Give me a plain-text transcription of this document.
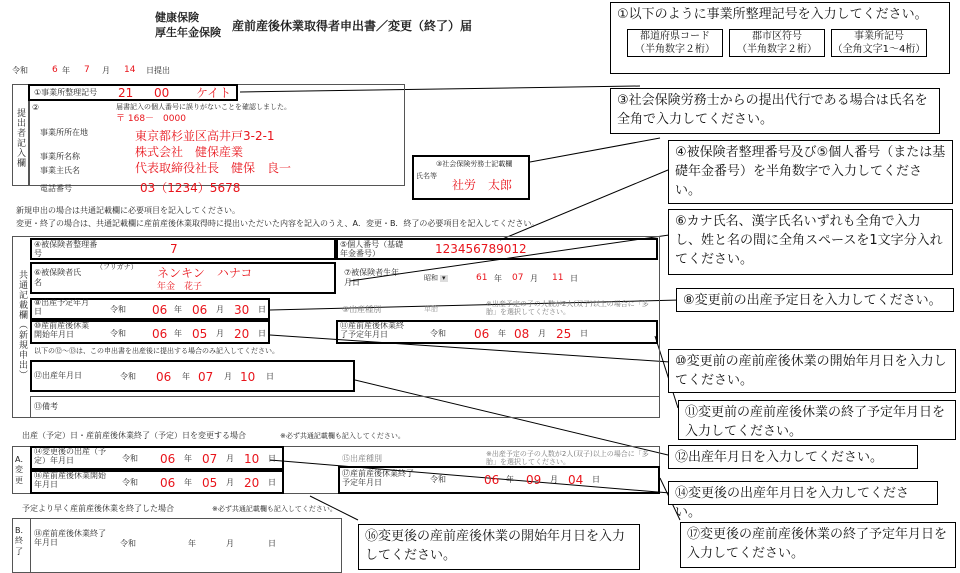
健康保険
厚生年金保険 産前産後休業取得者申出書／変更（終了）届
令和	6 年 7 月 14 日提出
提出者記入欄
①事業所整理記号 21 00 ケイト
②	届書記入の個人番号に誤りがないことを確認しました。
事業所所在地
〒 168－　0000
東京都杉並区高井戸3-2-1
事業所名称	株式会社　健保産業
事業主氏名	代表取締役社長　健保　良一
電話番号	03（1234）5678
③社会保険労務士記載欄
氏名等
社労　太郎
新規申出の場合は共通記載欄に必要項目を記入してください。
変更・終了の場合は、共通記載欄に産前産後休業取得時に提出いただいた内容を記入のうえ、A．変更・B．終了の必要項目を記入してください。
共通記載欄（新規申出）
④被保険者整理番号	7	⑤個人番号（基礎年金番号）	123456789012
⑥被保険者氏名
（フリガナ） ネンキン　ハナコ
年金　花子
⑦被保険者生年月日	昭和 ▾	61 年 07 月 11 日
⑧出産予定年月日	令和 06 年 06 月 30 日	⑨出産種別	単胎
※出産予定の子の人数が2人(双子)以上の場合に「多胎」を選択してください。
⑩産前産後休業開始年月日	令和 06 年 05 月 20 日
⑪産前産後休業終了予定年月日	令和 06 年 08 月 25 日
以下の⑫～⑬は、この申出書を出産後に提出する場合のみ記入してください。
⑫出産年月日	令和 06 年 07 月 10 日
⑬備考
出産（予定）日・産前産後休業終了（予定）日を変更する場合	※必ず共通記載欄も記入してください。
A．変更
⑭変更後の出産（予定）年月日	令和 06 年 07 月 10 日	⑮出産種別	※出産予定の子の人数が2人(双子)以上の場合に「多胎」を選択してください。
⑯産前産後休業開始年月日	令和 06 年 05 月 20 日
⑰産前産後休業終了予定年月日	令和	06 年 09 月 04 日
予定より早く産前産後休業を終了した場合	※必ず共通記載欄も記入してください。
B．終了
⑱産前産後休業終了年月日	令和	年	月	日
①以下のように事業所整理記号を入力してください。
都道府県コード
（半角数字２桁）
郡市区符号
（半角数字２桁）
事業所記号
（全角文字1～4桁）
③社会保険労務士からの提出代行である場合は氏名を全角で入力してください。
④被保険者整理番号及び⑤個人番号（または基礎年金番号）を半角数字で入力してください。
⑥カナ氏名、漢字氏名いずれも全角で入力し、姓と名の間に全角スペースを1文字分入れてください。
⑧変更前の出産予定日を入力してください。
⑩変更前の産前産後休業の開始年月日を入力してください。
⑪変更前の産前産後休業の終了予定年月日を入力してください。
⑫出産年月日を入力してください。
⑭変更後の出産年月日を入力してください。
⑰変更後の産前産後休業の終了予定年月日を入力してください。
⑯変更後の産前産後休業の開始年月日を入力してください。
